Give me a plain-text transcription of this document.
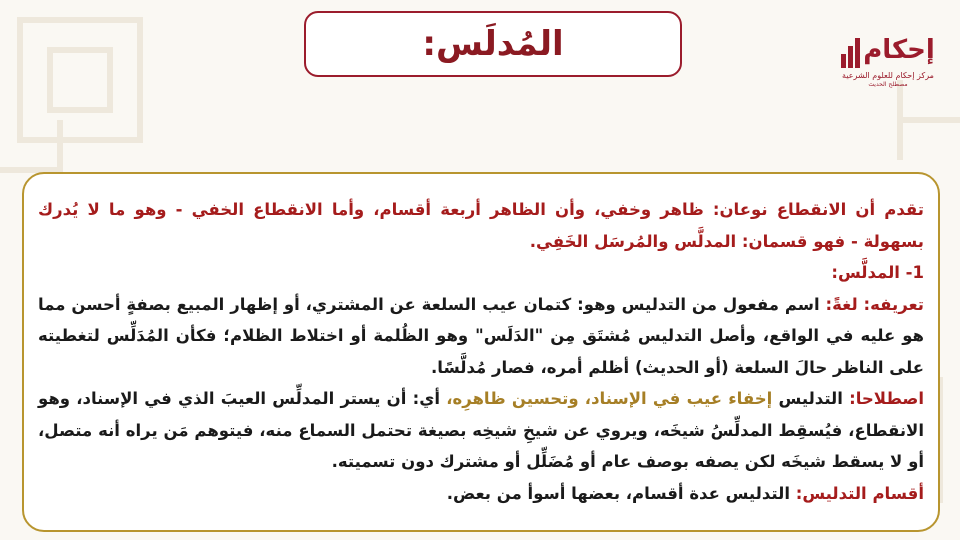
المُدلَس:	إحكام
مركز إحكام للعلوم الشرعية
مصطلح الحديث

تقدم أن الانقطاع نوعان: ظاهر وخفي، وأن الظاهر أربعة أقسام، وأما الانقطاع الخفي - وهو ما لا يُدرك بسهولة - فهو قسمان: المدلَّس والمُرسَل الخَفِي.

1- المدلَّس:

تعريفه: لغةً: اسم مفعول من التدليس وهو: كتمان عيب السلعة عن المشتري، أو إظهار المبيع بصفةٍ أحسن مما هو عليه في الواقع، وأصل التدليس مُشتَق مِن "الدَلَس" وهو الظُلمة أو اختلاط الظلام؛ فكأن المُدَلِّس لتغطيته على الناظر حالَ السلعة (أو الحديث) أظلم أمره، فصار مُدلَّسًا.

اصطلاحا: التدليس إخفاء عيب في الإسناد، وتحسين ظاهرِه، أي: أن يستر المدلِّس العيبَ الذي في الإسناد، وهو الانقطاع، فيُسقِط المدلِّسُ شيخَه، ويروي عن شيخِ شيخِه بصيغة تحتمل السماع منه، فيتوهم مَن يراه أنه متصل، أو لا يسقط شيخَه لكن يصفه بوصف عام أو مُضَلِّل أو مشترك دون تسميته.

أقسام التدليس: التدليس عدة أقسام، بعضها أسوأ من بعض.
